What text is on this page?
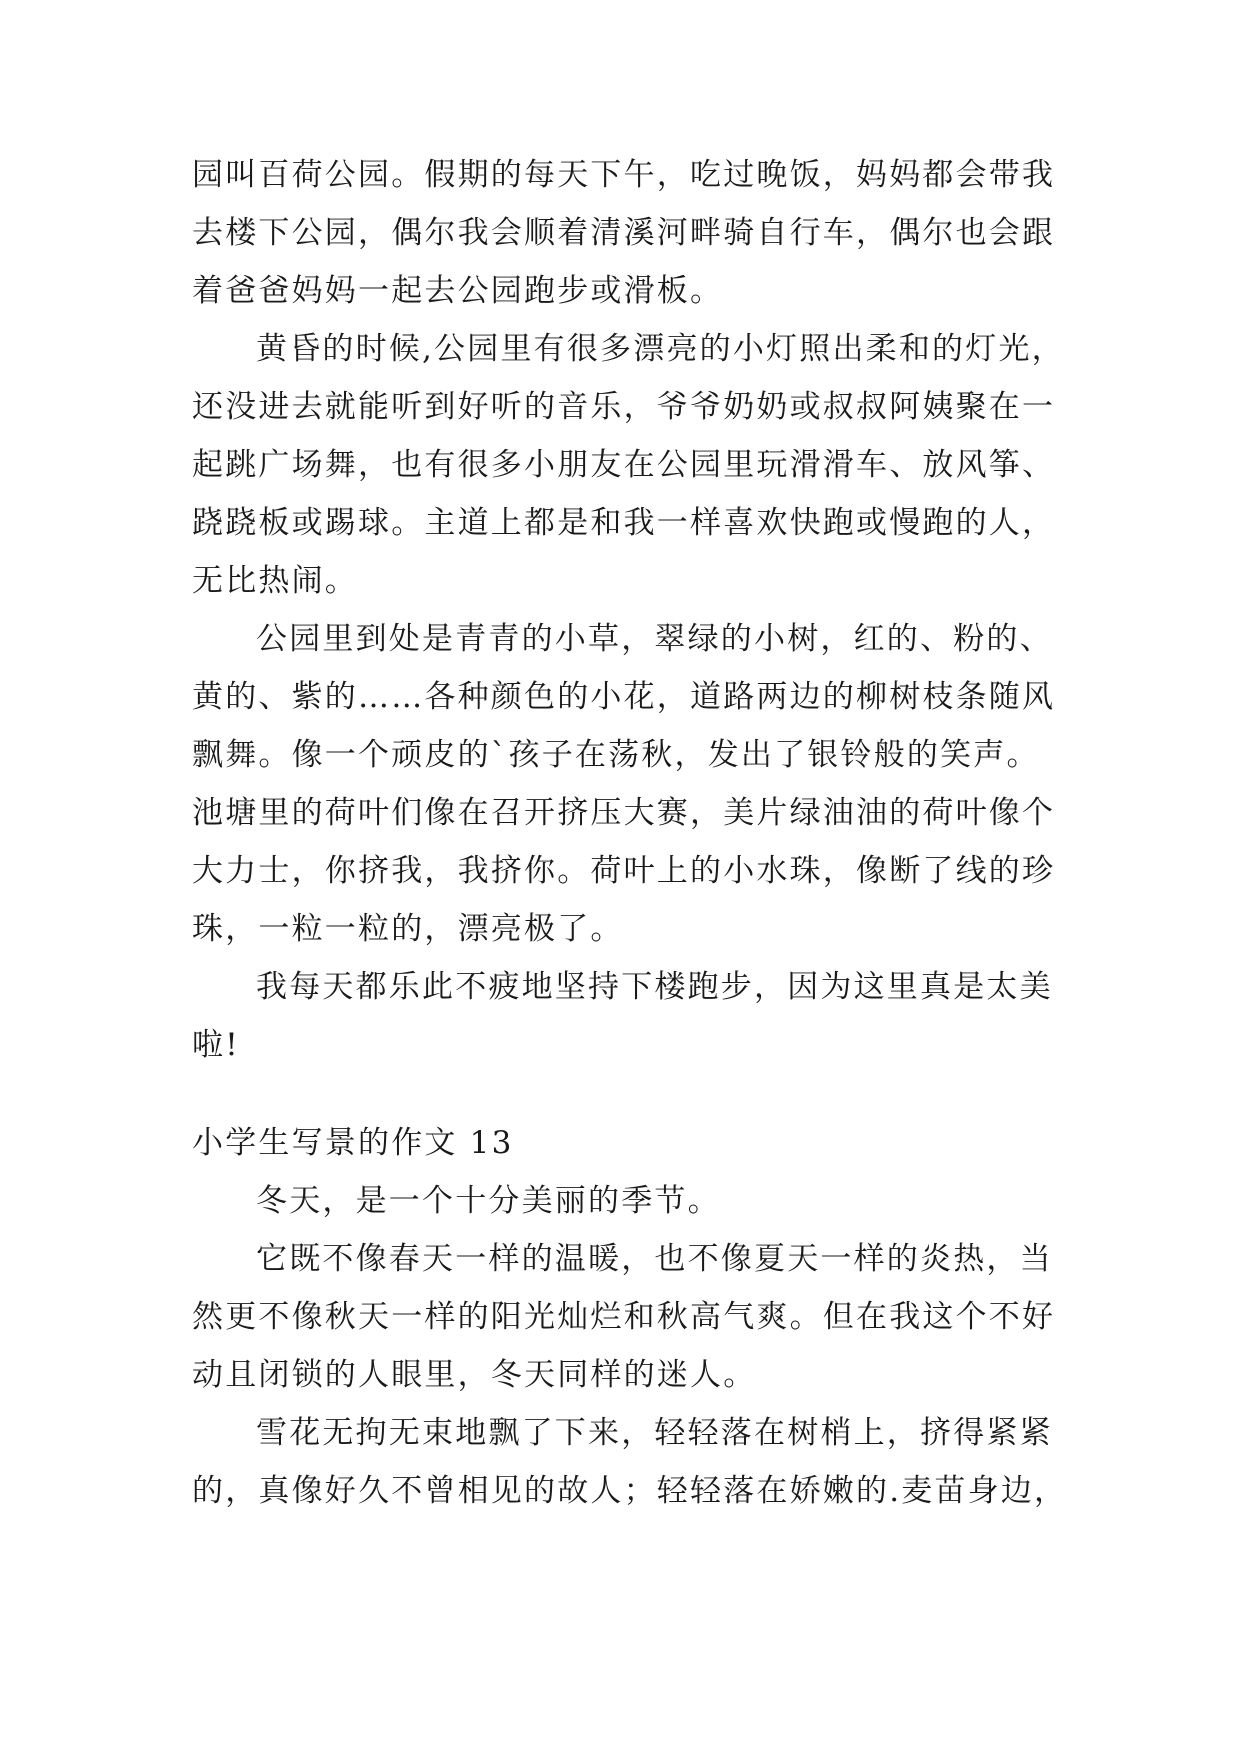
园叫百荷公园。假期的每天下午，吃过晚饭，妈妈都会带我
去楼下公园，偶尔我会顺着清溪河畔骑自行车，偶尔也会跟
着爸爸妈妈一起去公园跑步或滑板。
黄昏的时候,公园里有很多漂亮的小灯照出柔和的灯光，
还没进去就能听到好听的音乐，爷爷奶奶或叔叔阿姨聚在一
起跳广场舞，也有很多小朋友在公园里玩滑滑车、放风筝、
跷跷板或踢球。主道上都是和我一样喜欢快跑或慢跑的人，
无比热闹。
公园里到处是青青的小草，翠绿的小树，红的、粉的、
黄的、紫的……各种颜色的小花，道路两边的柳树枝条随风
飘舞。像一个顽皮的`孩子在荡秋，发出了银铃般的笑声。
池塘里的荷叶们像在召开挤压大赛，美片绿油油的荷叶像个
大力士，你挤我，我挤你。荷叶上的小水珠，像断了线的珍
珠，一粒一粒的，漂亮极了。
我每天都乐此不疲地坚持下楼跑步，因为这里真是太美
啦!
小学生写景的作文 13
冬天，是一个十分美丽的季节。
它既不像春天一样的温暖，也不像夏天一样的炎热，当
然更不像秋天一样的阳光灿烂和秋高气爽。但在我这个不好
动且闭锁的人眼里，冬天同样的迷人。
雪花无拘无束地飘了下来，轻轻落在树梢上，挤得紧紧
的，真像好久不曾相见的故人；轻轻落在娇嫩的.麦苗身边，
